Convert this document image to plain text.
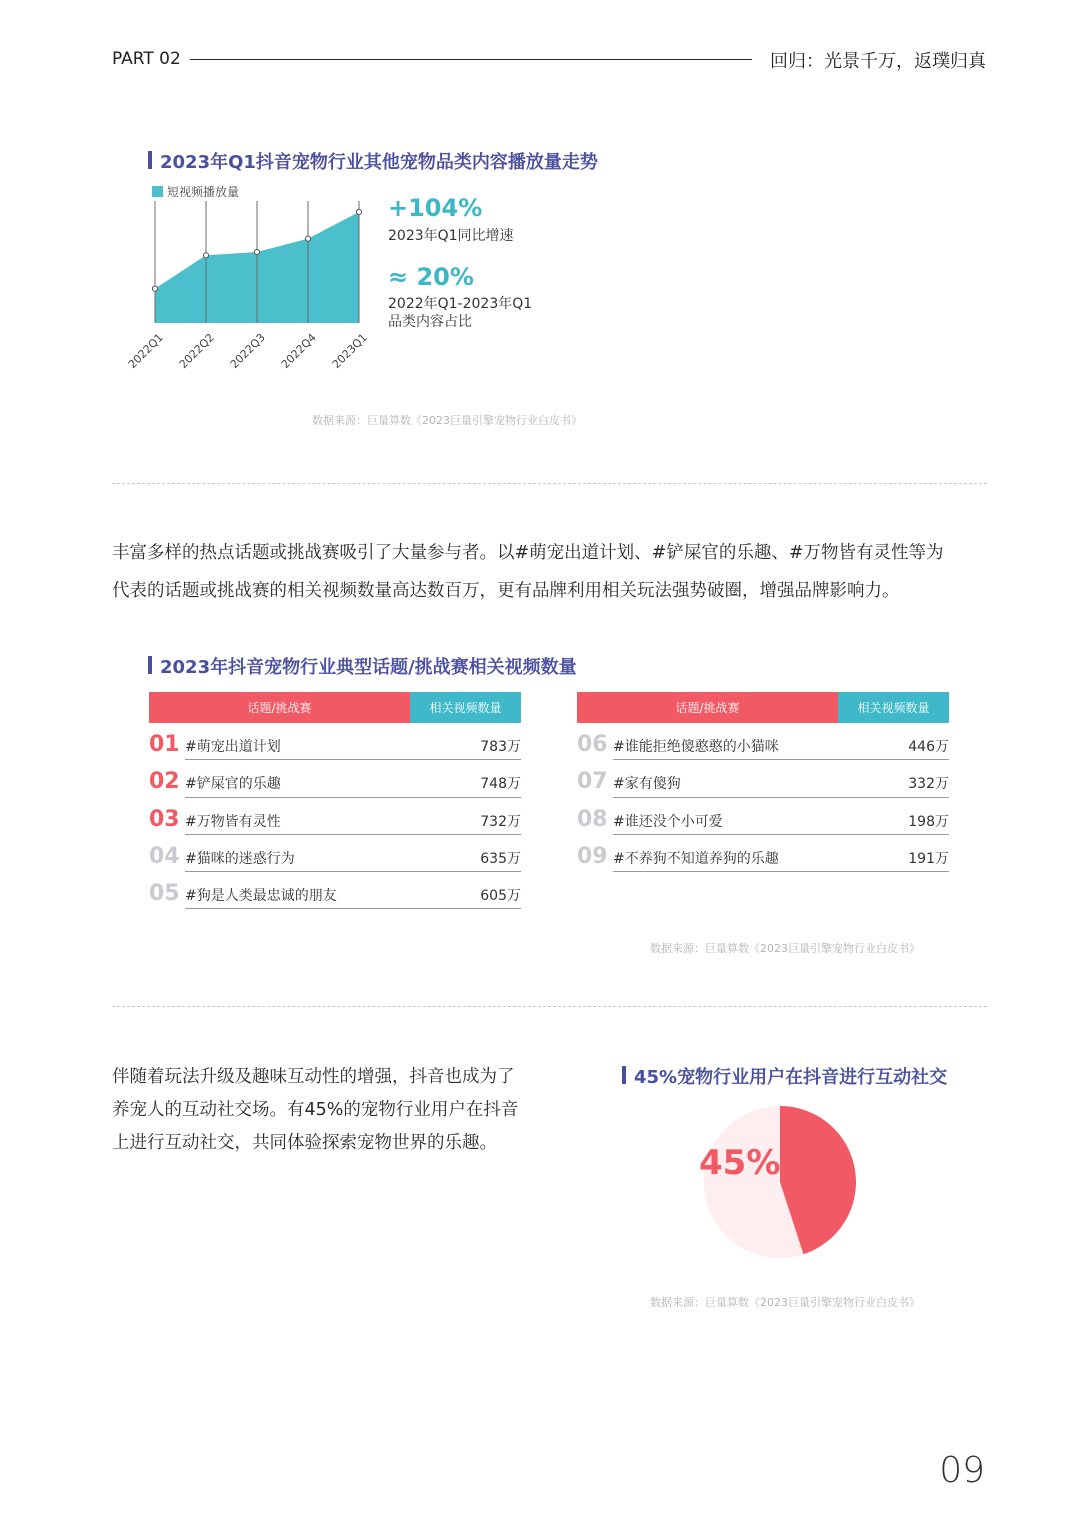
PART 02	回归：光景千万，返璞归真
2023年Q1抖音宠物行业其他宠物品类内容播放量走势
短视频播放量
2022Q1 2022Q2 2022Q3 2022Q4 2023Q1
+104%
2023年Q1同比增速
≈ 20%
2022年Q1-2023年Q1
品类内容占比
数据来源：巨量算数《2023巨量引擎宠物行业白皮书》
丰富多样的热点话题或挑战赛吸引了大量参与者。以#萌宠出道计划、#铲屎官的乐趣、#万物皆有灵性等为
代表的话题或挑战赛的相关视频数量高达数百万，更有品牌利用相关玩法强势破圈，增强品牌影响力。
2023年抖音宠物行业典型话题/挑战赛相关视频数量
话题/挑战赛	相关视频数量
01 #萌宠出道计划	783万
02 #铲屎官的乐趣	748万
03 #万物皆有灵性	732万
04 #猫咪的迷惑行为	635万
05 #狗是人类最忠诚的朋友	605万
话题/挑战赛	相关视频数量
06 #谁能拒绝傻憨憨的小猫咪	446万
07 #家有傻狗	332万
08 #谁还没个小可爱	198万
09 #不养狗不知道养狗的乐趣	191万
数据来源：巨量算数《2023巨量引擎宠物行业白皮书》
伴随着玩法升级及趣味互动性的增强，抖音也成为了
养宠人的互动社交场。有45%的宠物行业用户在抖音
上进行互动社交，共同体验探索宠物世界的乐趣。
45%宠物行业用户在抖音进行互动社交
45%
数据来源：巨量算数《2023巨量引擎宠物行业白皮书》
09
